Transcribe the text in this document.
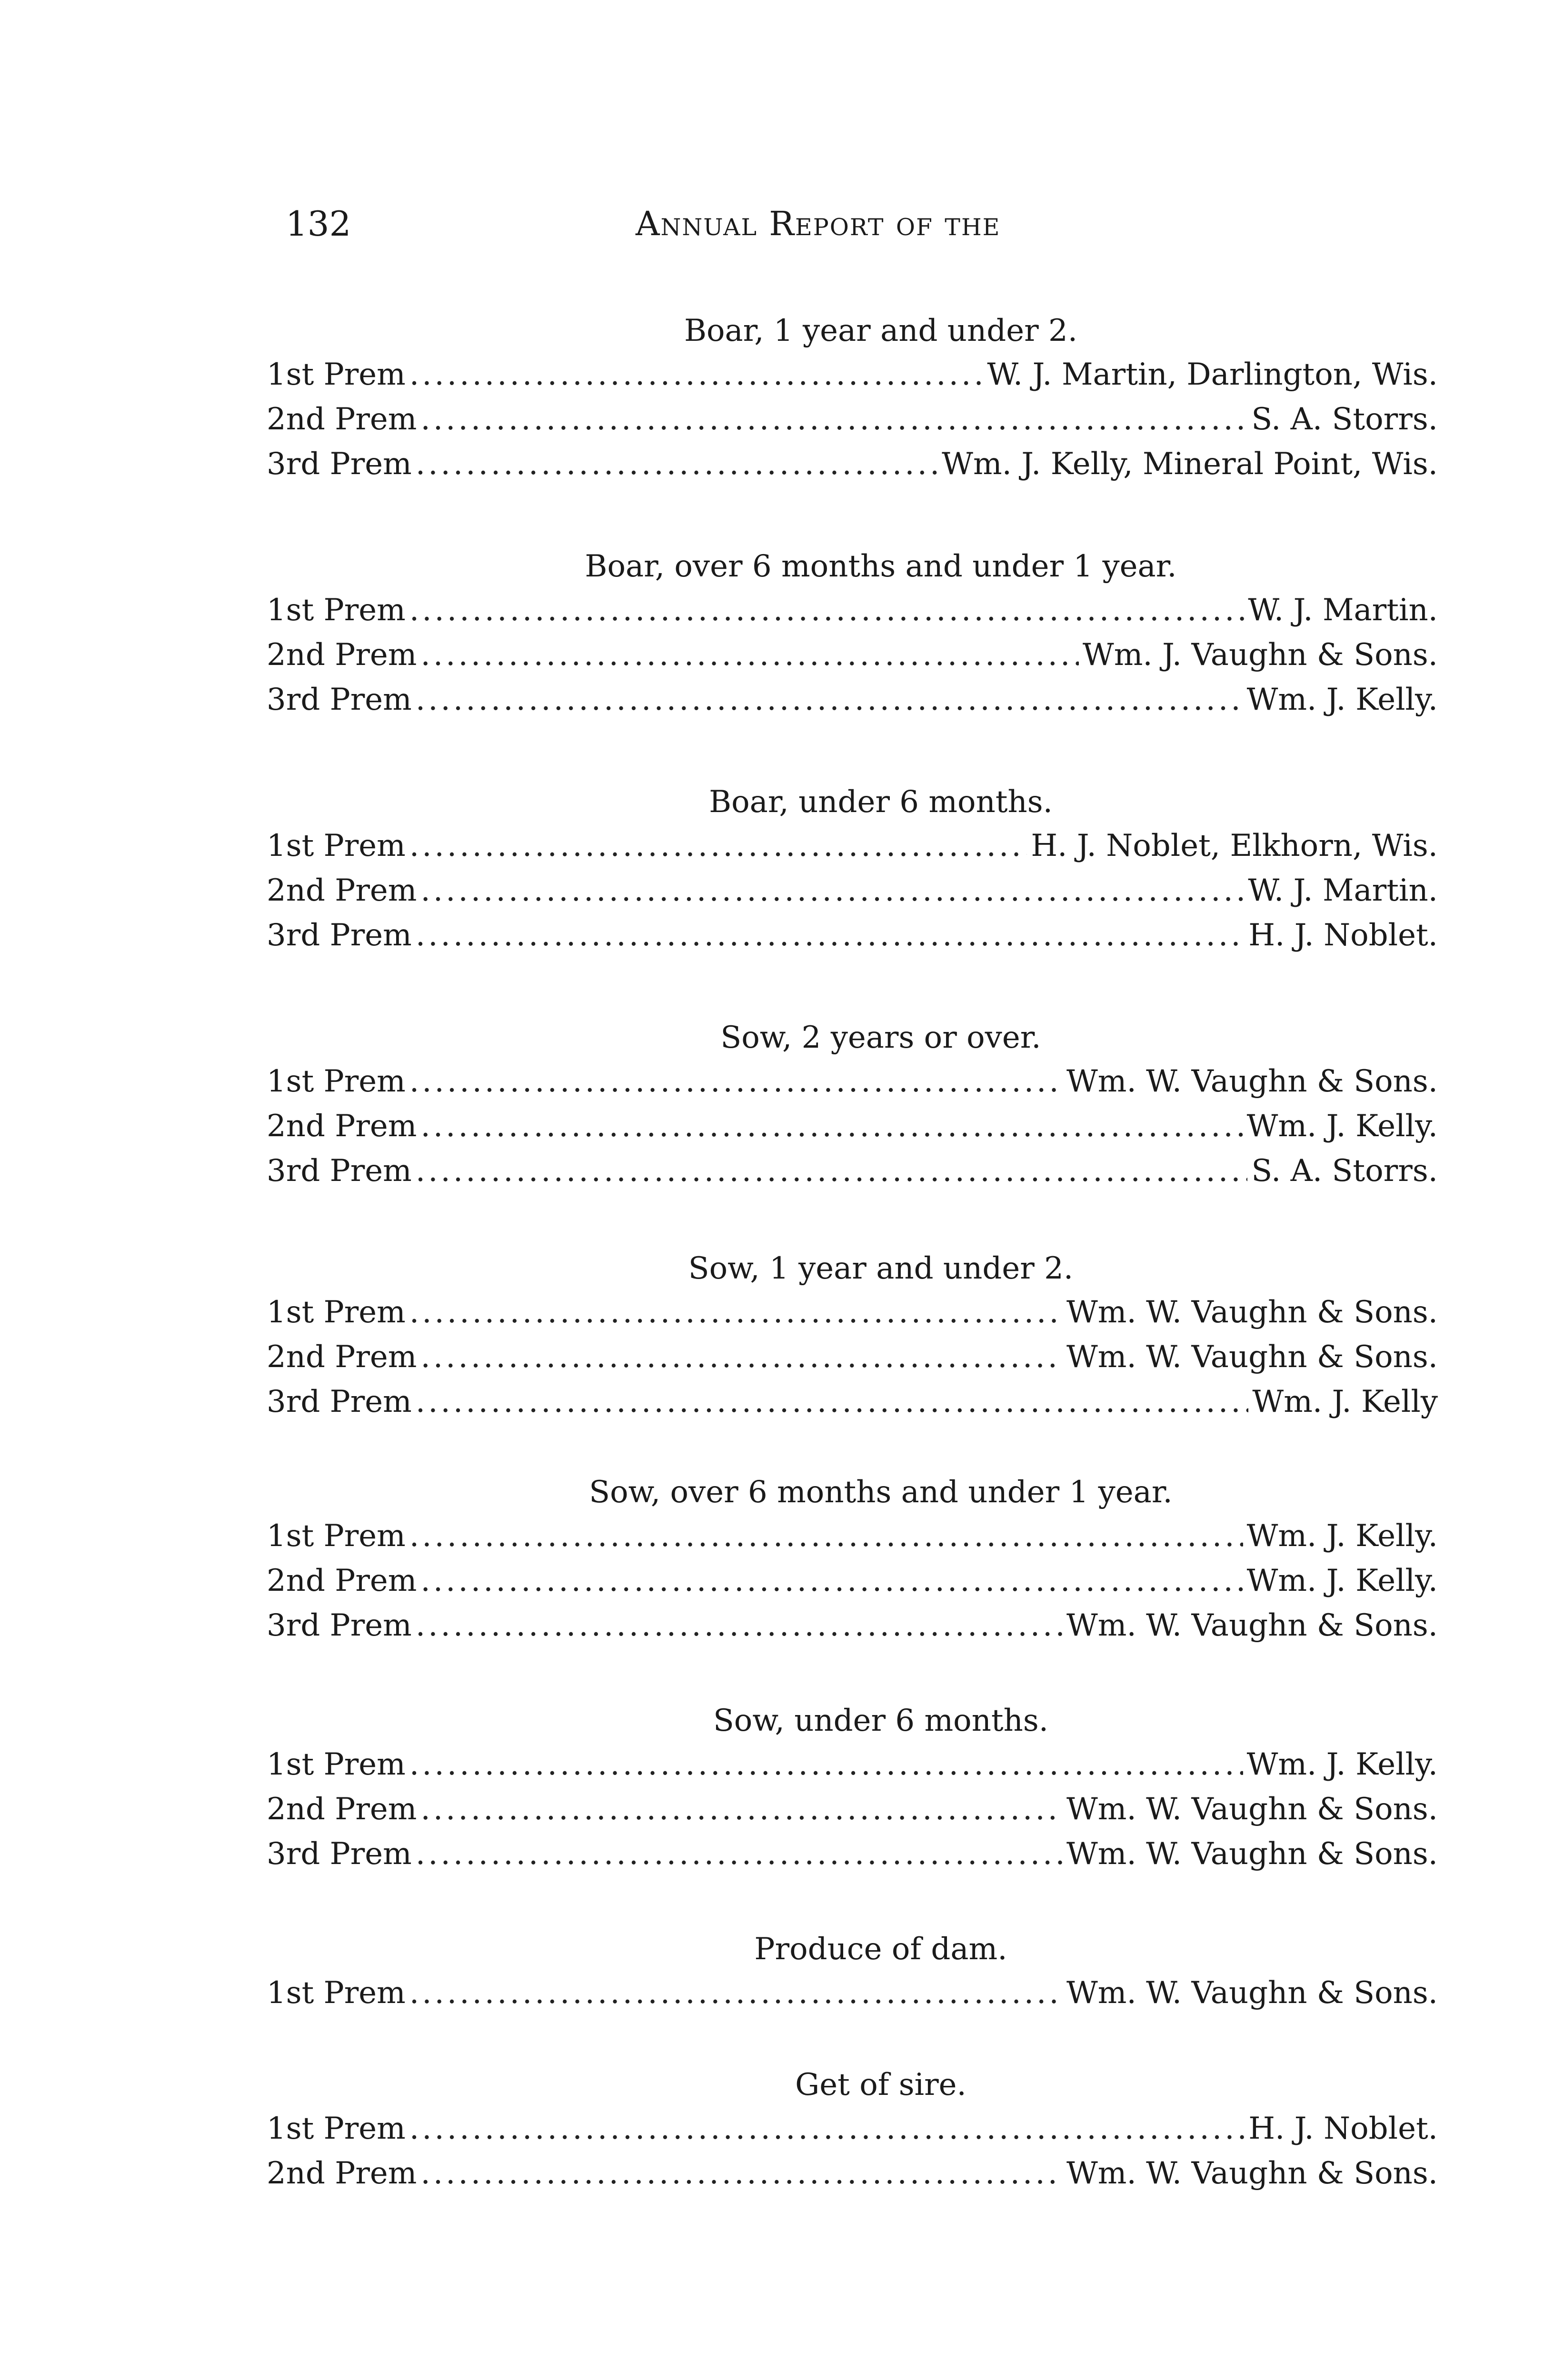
132	Annual Report of the
Boar, 1 year and under 2.
1st Prem .....	W. J. Martin, Darlington, Wis.
2nd Prem .....	S. A. Storrs.
3rd Prem .....	Wm. J. Kelly, Mineral Point, Wis.
Boar, over 6 months and under 1 year.
1st Prem .....	W. J. Martin.
2nd Prem .....	Wm. J. Vaughn & Sons.
3rd Prem .....	Wm. J. Kelly.
Boar, under 6 months.
1st Prem .....	H. J. Noblet, Elkhorn, Wis.
2nd Prem .....	W. J. Martin.
3rd Prem .....	H. J. Noblet.
Sow, 2 years or over.
1st Prem .....	Wm. W. Vaughn & Sons.
2nd Prem .....	Wm. J. Kelly.
3rd Prem .....	S. A. Storrs.
Sow, 1 year and under 2.
1st Prem .....	Wm. W. Vaughn & Sons.
2nd Prem .....	Wm. W. Vaughn & Sons.
3rd Prem .....	Wm. J. Kelly
Sow, over 6 months and under 1 year.
1st Prem .....	Wm. J. Kelly.
2nd Prem .....	Wm. J. Kelly.
3rd Prem .....	Wm. W. Vaughn & Sons.
Sow, under 6 months.
1st Prem .....	Wm. J. Kelly.
2nd Prem .....	Wm. W. Vaughn & Sons.
3rd Prem .....	Wm. W. Vaughn & Sons.
Produce of dam.
1st Prem .....	Wm. W. Vaughn & Sons.
Get of sire.
1st Prem .....	H. J. Noblet.
2nd Prem .....	Wm. W. Vaughn & Sons.
